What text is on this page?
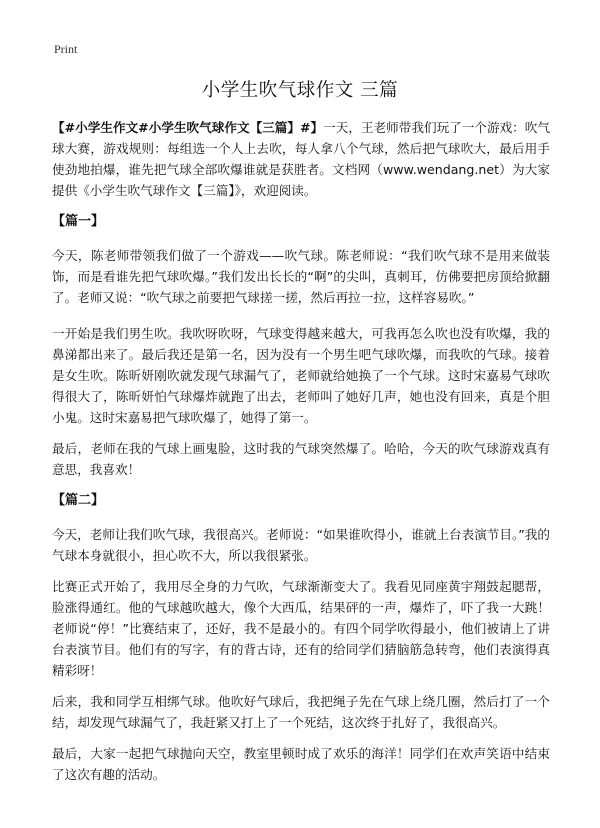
Print
小学生吹气球作文 三篇

【#小学生作文#小学生吹气球作文【三篇】#】一天，王老师带我们玩了一个游戏：吹气球大赛，游戏规则：每组选一个人上去吹，每人拿八个气球，然后把气球吹大，最后用手使劲地拍爆，谁先把气球全部吹爆谁就是获胜者。文档网（www.wendang.net）为大家提供《小学生吹气球作文【三篇】》，欢迎阅读。

【篇一】

今天，陈老师带领我们做了一个游戏——吹气球。陈老师说：“我们吹气球不是用来做装饰，而是看谁先把气球吹爆。”我们发出长长的“啊”的尖叫，真刺耳，仿佛要把房顶给掀翻了。老师又说：“吹气球之前要把气球搓一搓，然后再拉一拉，这样容易吹。”

一开始是我们男生吹。我吹呀吹呀，气球变得越来越大，可我再怎么吹也没有吹爆，我的鼻涕都出来了。最后我还是第一名，因为没有一个男生吧气球吹爆，而我吹的气球。接着是女生吹。陈昕妍刚吹就发现气球漏气了，老师就给她换了一个气球。这时宋嘉易气球吹得很大了，陈昕妍怕气球爆炸就跑了出去，老师叫了她好几声，她也没有回来，真是个胆小鬼。这时宋嘉易把气球吹爆了，她得了第一。

最后，老师在我的气球上画鬼脸，这时我的气球突然爆了。哈哈，今天的吹气球游戏真有意思，我喜欢！

【篇二】

今天，老师让我们吹气球，我很高兴。老师说：“如果谁吹得小，谁就上台表演节目。”我的气球本身就很小，担心吹不大，所以我很紧张。

比赛正式开始了，我用尽全身的力气吹，气球渐渐变大了。我看见同座黄宇翔鼓起腮帮，脸涨得通红。他的气球越吹越大，像个大西瓜，结果砰的一声，爆炸了，吓了我一大跳！老师说“停！”比赛结束了，还好，我不是最小的。有四个同学吹得最小，他们被请上了讲台表演节目。他们有的写字，有的背古诗，还有的给同学们猜脑筋急转弯，他们表演得真精彩呀！

后来，我和同学互相绑气球。他吹好气球后，我把绳子先在气球上绕几圈，然后打了一个结，却发现气球漏气了，我赶紧又打上了一个死结，这次终于扎好了，我很高兴。

最后，大家一起把气球抛向天空，教室里顿时成了欢乐的海洋！同学们在欢声笑语中结束了这次有趣的活动。
